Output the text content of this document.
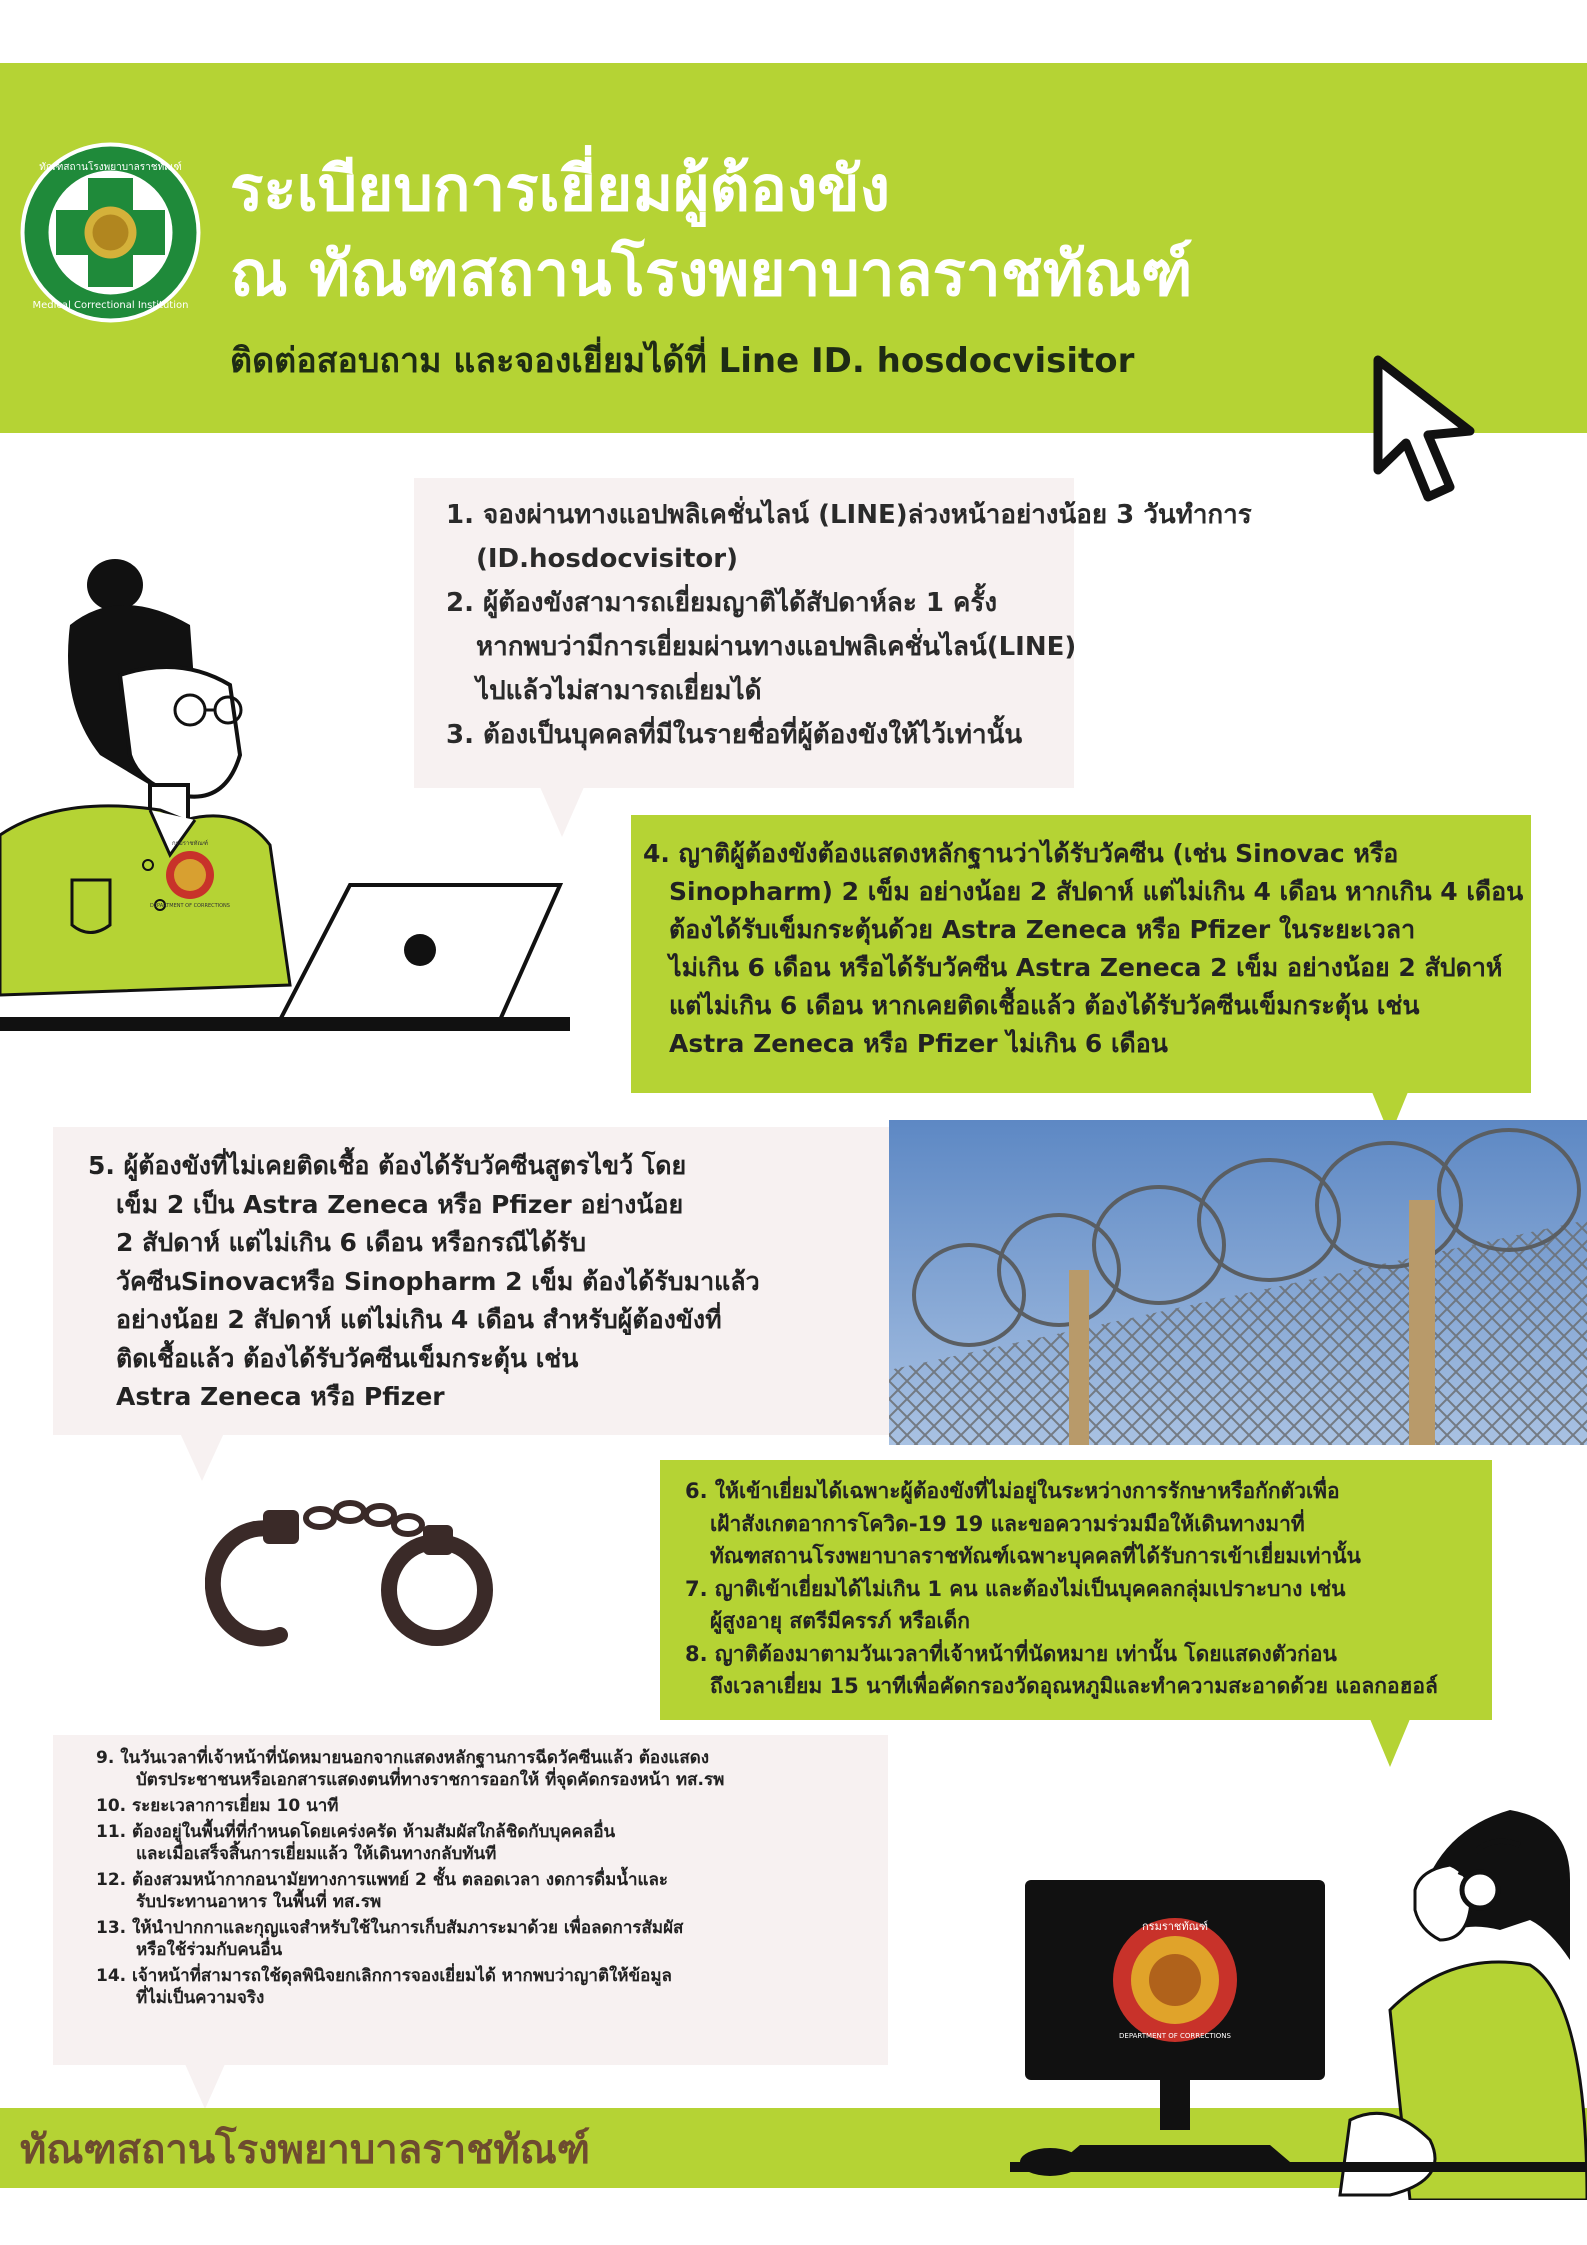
ทัณฑสถานโรงพยาบาลราชทัณฑ์
Medical Correctional Institution
ระเบียบการเยี่ยมผู้ต้องขัง
ณ ทัณฑสถานโรงพยาบาลราชทัณฑ์
ติดต่อสอบถาม และจองเยี่ยมได้ที่ Line ID. hosdocvisitor
กรมราชทัณฑ์
DEPARTMENT OF CORRECTIONS

1. จองผ่านทางแอปพลิเคชั่นไลน์ (LINE)ล่วงหน้าอย่างน้อย 3 วันทำการ

(ID.hosdocvisitor)

2. ผู้ต้องขังสามารถเยี่ยมญาติได้สัปดาห์ละ 1 ครั้ง

หากพบว่ามีการเยี่ยมผ่านทางแอปพลิเคชั่นไลน์(LINE)

ไปแล้วไม่สามารถเยี่ยมได้

3. ต้องเป็นบุคคลที่มีในรายชื่อที่ผู้ต้องขังให้ไว้เท่านั้น

4. ญาติผู้ต้องขังต้องแสดงหลักฐานว่าได้รับวัคซีน (เช่น Sinovac หรือ

Sinopharm) 2 เข็ม อย่างน้อย 2 สัปดาห์ แต่ไม่เกิน 4 เดือน หากเกิน 4 เดือน

ต้องได้รับเข็มกระตุ้นด้วย Astra Zeneca หรือ Pfizer ในระยะเวลา

ไม่เกิน 6 เดือน หรือได้รับวัคซีน Astra Zeneca 2 เข็ม อย่างน้อย 2 สัปดาห์

แต่ไม่เกิน 6 เดือน หากเคยติดเชื้อแล้ว ต้องได้รับวัคซีนเข็มกระตุ้น เช่น

Astra Zeneca หรือ Pfizer ไม่เกิน 6 เดือน

5. ผู้ต้องขังที่ไม่เคยติดเชื้อ ต้องได้รับวัคซีนสูตรไขว้ โดย

เข็ม 2 เป็น Astra Zeneca หรือ Pfizer อย่างน้อย

2 สัปดาห์ แต่ไม่เกิน 6 เดือน หรือกรณีได้รับ

วัคซีนSinovacหรือ Sinopharm 2 เข็ม ต้องได้รับมาแล้ว

อย่างน้อย 2 สัปดาห์ แต่ไม่เกิน 4 เดือน สำหรับผู้ต้องขังที่

ติดเชื้อแล้ว ต้องได้รับวัคซีนเข็มกระตุ้น เช่น

Astra Zeneca หรือ Pfizer

6. ให้เข้าเยี่ยมได้เฉพาะผู้ต้องขังที่ไม่อยู่ในระหว่างการรักษาหรือกักตัวเพื่อ

เฝ้าสังเกตอาการโควิด-19 19 และขอความร่วมมือให้เดินทางมาที่

ทัณฑสถานโรงพยาบาลราชทัณฑ์เฉพาะบุคคลที่ได้รับการเข้าเยี่ยมเท่านั้น

7. ญาติเข้าเยี่ยมได้ไม่เกิน 1 คน และต้องไม่เป็นบุคคลกลุ่มเปราะบาง เช่น

ผู้สูงอายุ สตรีมีครรภ์ หรือเด็ก

8. ญาติต้องมาตามวันเวลาที่เจ้าหน้าที่นัดหมาย เท่านั้น โดยแสดงตัวก่อน

ถึงเวลาเยี่ยม 15 นาทีเพื่อคัดกรองวัดอุณหภูมิและทำความสะอาดด้วย แอลกอฮอล์

9. ในวันเวลาที่เจ้าหน้าที่นัดหมายนอกจากแสดงหลักฐานการฉีดวัคซีนแล้ว ต้องแสดง

บัตรประชาชนหรือเอกสารแสดงตนที่ทางราชการออกให้ ที่จุดคัดกรองหน้า ทส.รพ

10. ระยะเวลาการเยี่ยม 10 นาที

11. ต้องอยู่ในพื้นที่ที่กำหนดโดยเคร่งครัด ห้ามสัมผัสใกล้ชิดกับบุคคลอื่น

และเมื่อเสร็จสิ้นการเยี่ยมแล้ว ให้เดินทางกลับทันที

12. ต้องสวมหน้ากากอนามัยทางการแพทย์ 2 ชั้น ตลอดเวลา งดการดื่มน้ำและ

รับประทานอาหาร ในพื้นที่ ทส.รพ

13. ให้นำปากกาและกุญแจสำหรับใช้ในการเก็บสัมภาระมาด้วย เพื่อลดการสัมผัส

หรือใช้ร่วมกับคนอื่น

14. เจ้าหน้าที่สามารถใช้ดุลพินิจยกเลิกการจองเยี่ยมได้ หากพบว่าญาติให้ข้อมูล

ที่ไม่เป็นความจริง

ทัณฑสถานโรงพยาบาลราชทัณฑ์
กรมราชทัณฑ์
DEPARTMENT OF CORRECTIONS
